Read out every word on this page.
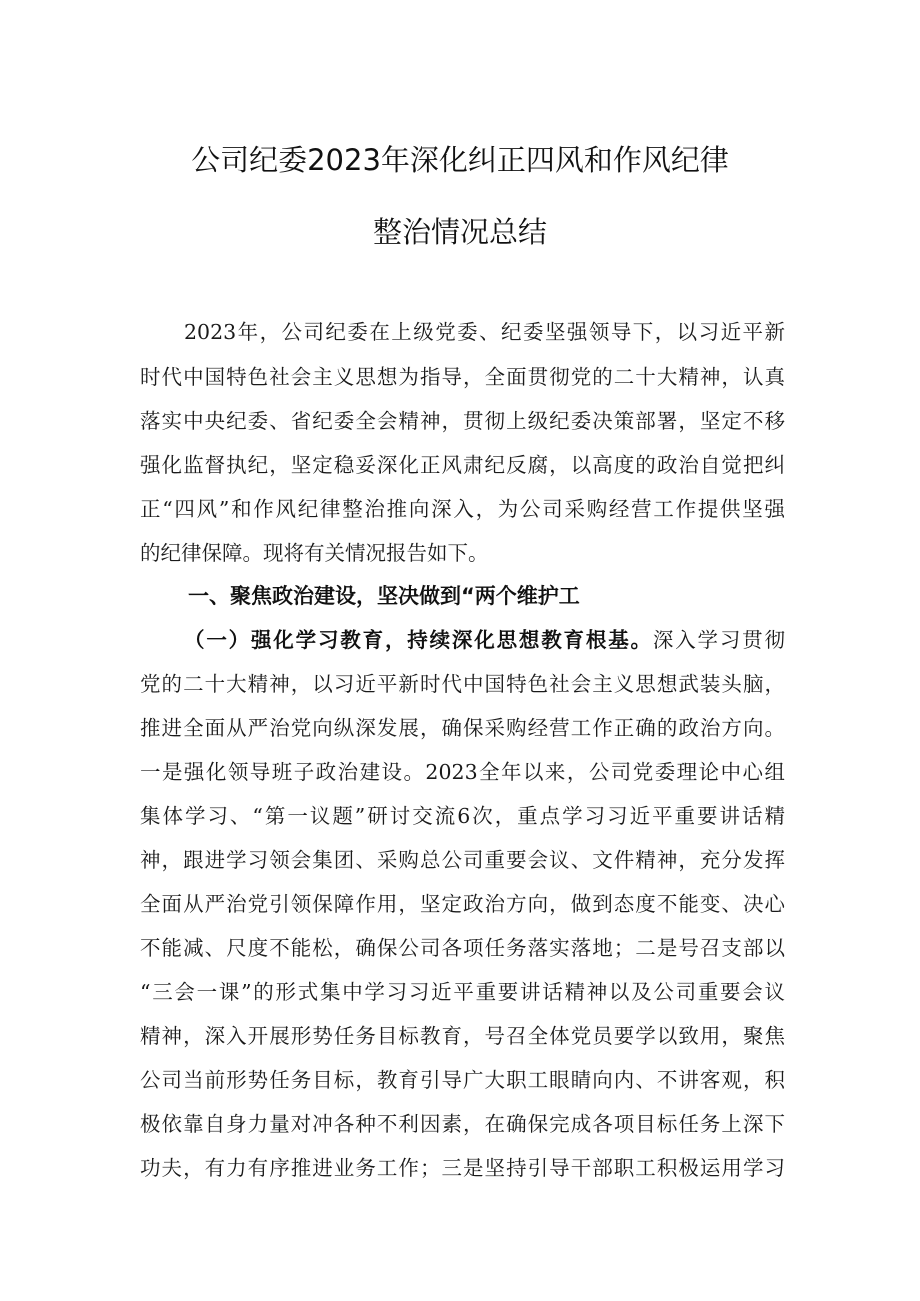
公司纪委2023年深化纠正四风和作风纪律
整治情况总结
2023年，公司纪委在上级党委、纪委坚强领导下，以习近平新
时代中国特色社会主义思想为指导，全面贯彻党的二十大精神，认真
落实中央纪委、省纪委全会精神，贯彻上级纪委决策部署，坚定不移
强化监督执纪，坚定稳妥深化正风肃纪反腐，以高度的政治自觉把纠
正“四风”和作风纪律整治推向深入，为公司采购经营工作提供坚强
的纪律保障。现将有关情况报告如下。
一、聚焦政治建设，坚决做到“两个维护工
（一）强化学习教育，持续深化思想教育根基。深入学习贯彻
党的二十大精神，以习近平新时代中国特色社会主义思想武装头脑，
推进全面从严治党向纵深发展，确保采购经营工作正确的政治方向。
一是强化领导班子政治建设。2023全年以来，公司党委理论中心组
集体学习、“第一议题”研讨交流6次，重点学习习近平重要讲话精
神，跟进学习领会集团、采购总公司重要会议、文件精神，充分发挥
全面从严治党引领保障作用，坚定政治方向，做到态度不能变、决心
不能减、尺度不能松，确保公司各项任务落实落地；二是号召支部以
“三会一课”的形式集中学习习近平重要讲话精神以及公司重要会议
精神，深入开展形势任务目标教育，号召全体党员要学以致用，聚焦
公司当前形势任务目标，教育引导广大职工眼睛向内、不讲客观，积
极依靠自身力量对冲各种不利因素，在确保完成各项目标任务上深下
功夫，有力有序推进业务工作；三是坚持引导干部职工积极运用学习
